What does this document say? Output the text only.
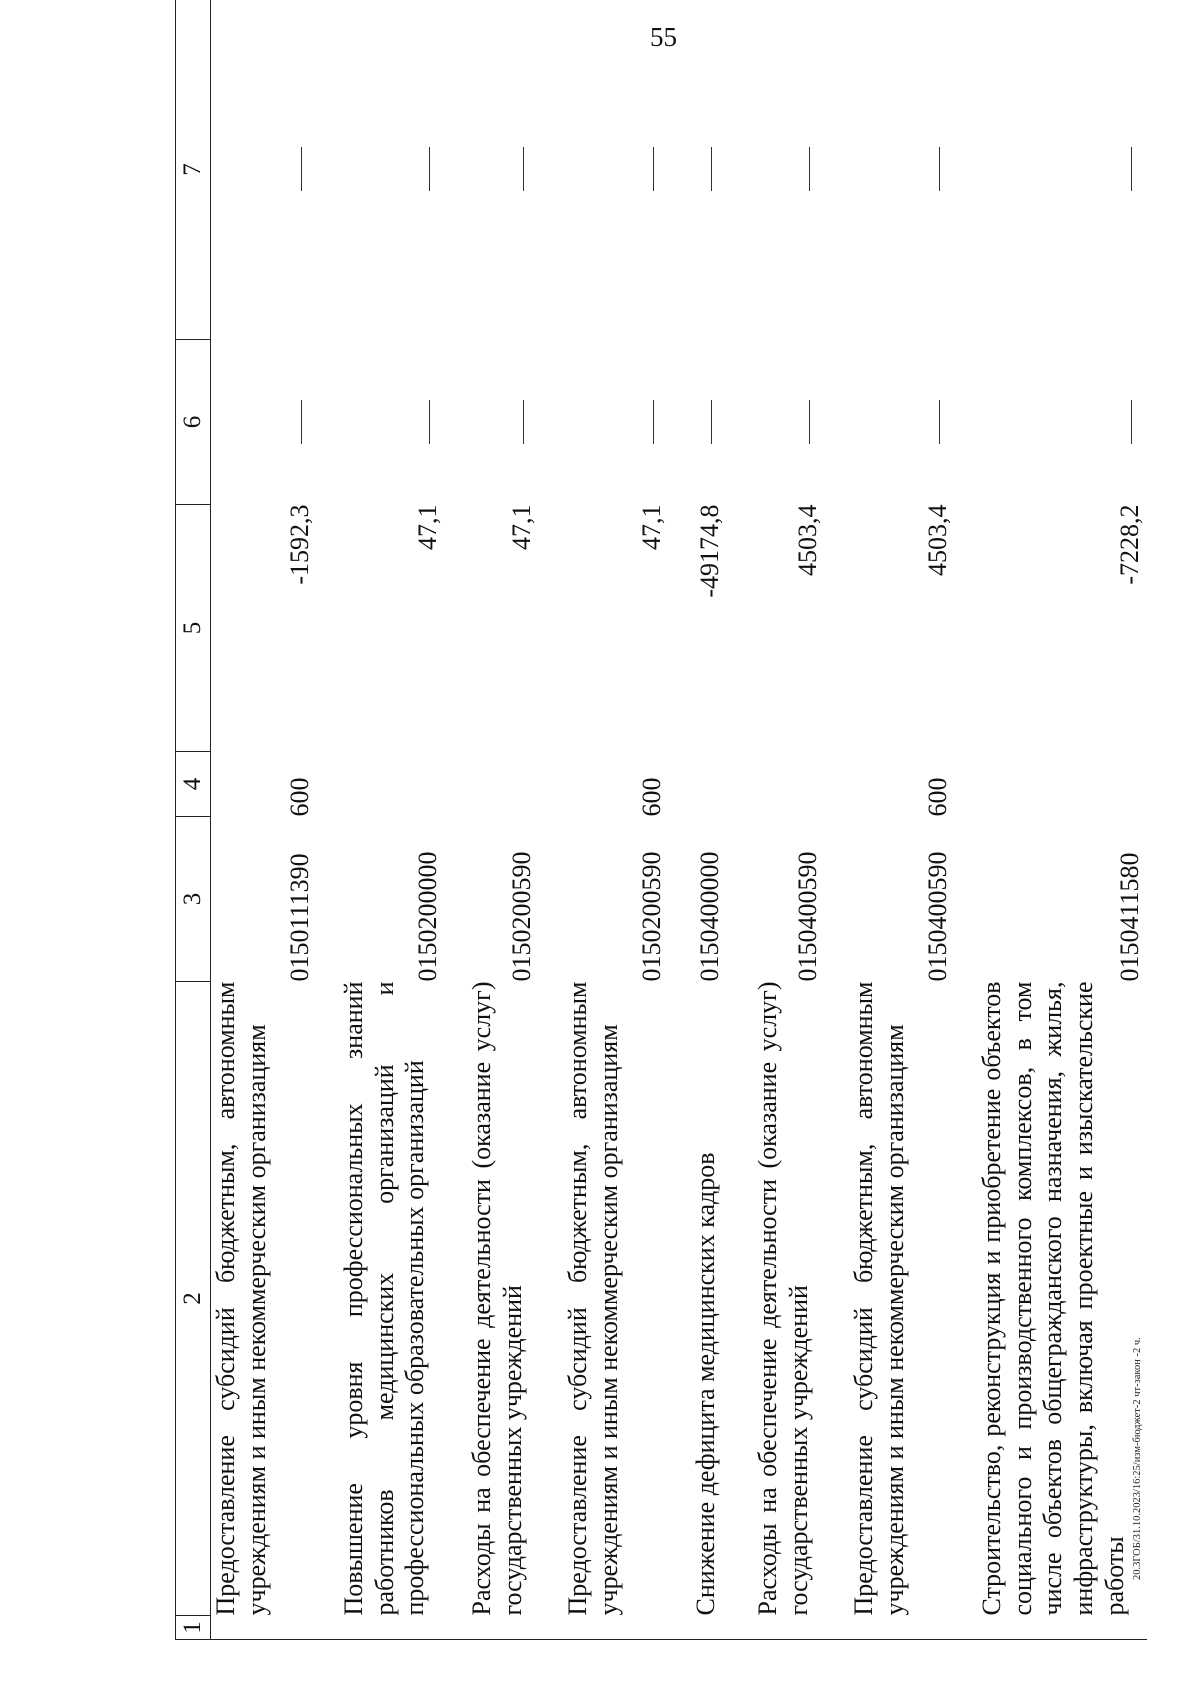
55
1	2	3	4	5	6	7
	Предоставление субсидий бюджетным, автономным учреждениям и иным некоммерческим организациям	0150111390	600	-1592,3	

	Повышение уровня профессиональных знаний работников медицинских организаций и профессиональных образовательных организаций	0150200000		47,1	

	Расходы на обеспечение деятельности (оказание услуг) государственных учреждений	0150200590		47,1	

	Предоставление субсидий бюджетным, автономным учреждениям и иным некоммерческим организациям	0150200590	600	47,1	

	Снижение дефицита медицинских кадров	0150400000		-49174,8	

	Расходы на обеспечение деятельности (оказание услуг) государственных учреждений	0150400590		4503,4	

	Предоставление субсидий бюджетным, автономным учреждениям и иным некоммерческим организациям	0150400590	600	4503,4	

	Строительство, реконструкция и приобретение объектов социального и производственного комплексов, в том числе объектов общегражданского назначения, жилья, инфраструктуры, включая проектные и изыскательские работы	0150411580		-7228,2	

20.3ГОБ/31.10.2023/16:25/изм-бюджет-2 чт-закон -2 ч.
